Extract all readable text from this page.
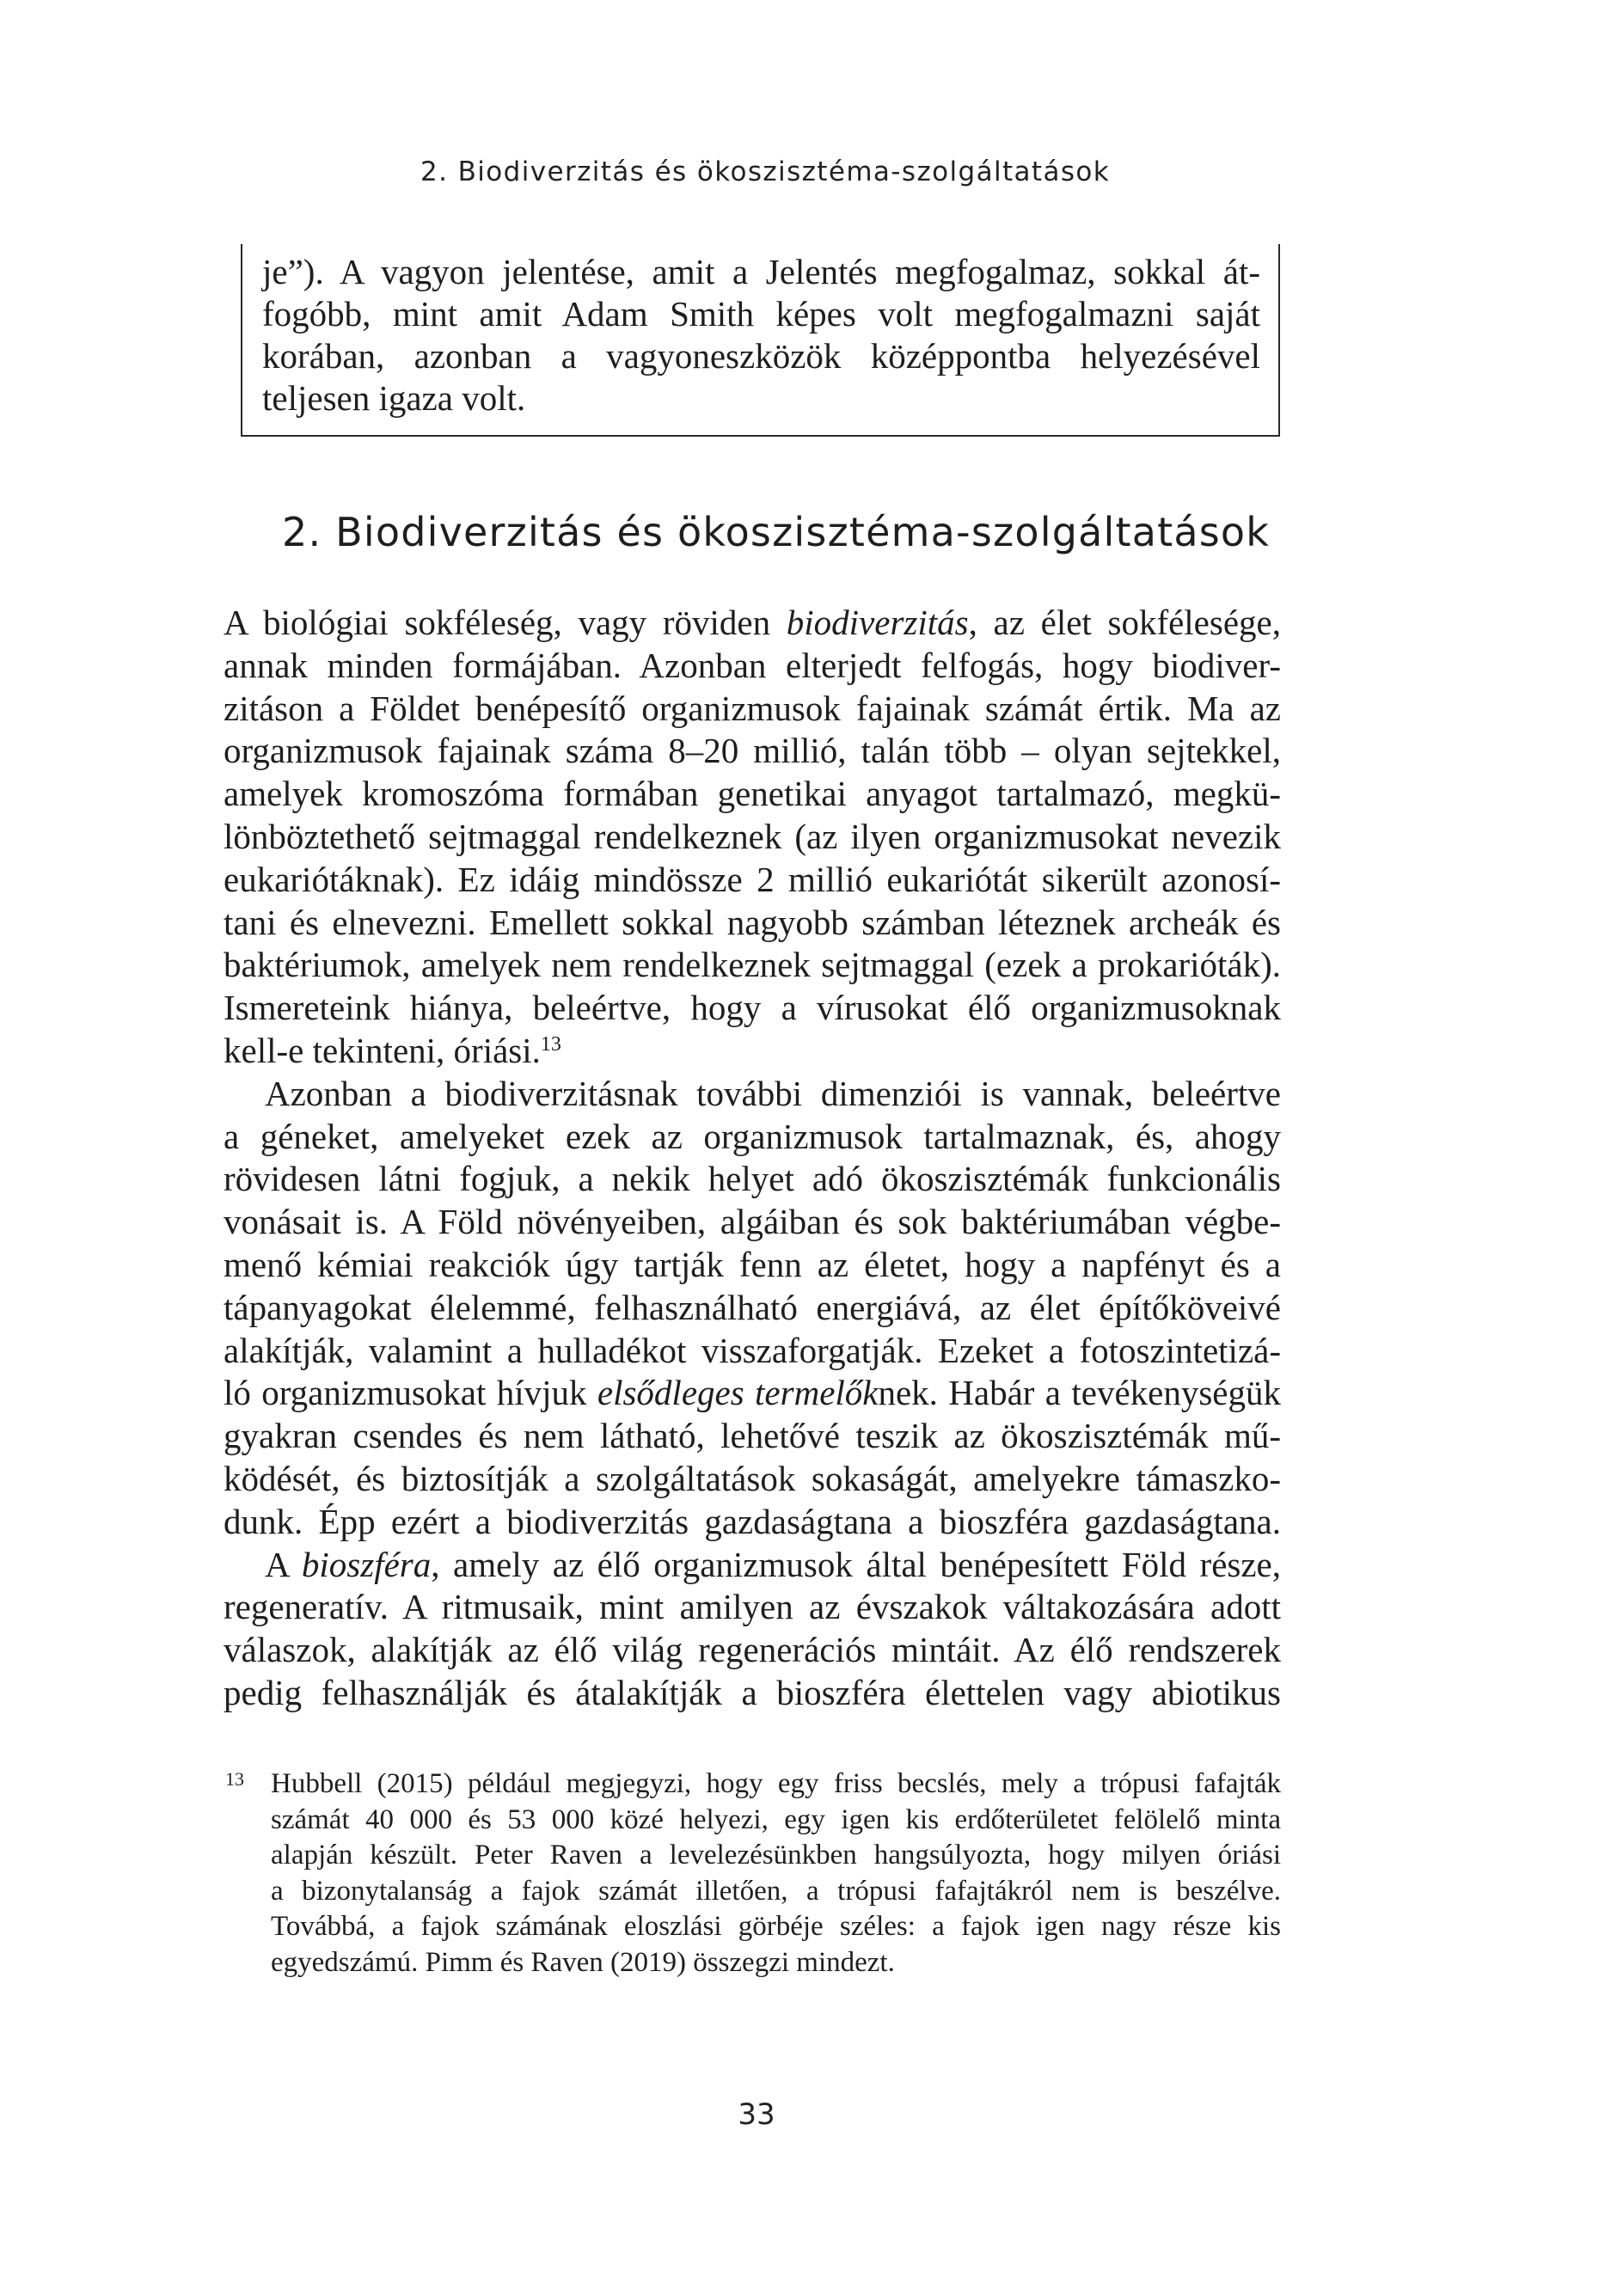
2. Biodiverzitás és ökoszisztéma-szolgáltatások
je”). A vagyon jelentése, amit a Jelentés megfogalmaz, sokkal át-
fogóbb, mint amit Adam Smith képes volt megfogalmazni saját
korában, azonban a vagyoneszközök középpontba helyezésével
teljesen igaza volt.
2. Biodiverzitás és ökoszisztéma-szolgáltatások
A biológiai sokféleség, vagy röviden biodiverzitás, az élet sokfélesége,
annak minden formájában. Azonban elterjedt felfogás, hogy biodiver-
zitáson a Földet benépesítő organizmusok fajainak számát értik. Ma az
organizmusok fajainak száma 8–20 millió, talán több – olyan sejtekkel,
amelyek kromoszóma formában genetikai anyagot tartalmazó, megkü-
lönböztethető sejtmaggal rendelkeznek (az ilyen organizmusokat nevezik
eukariótáknak). Ez idáig mindössze 2 millió eukariótát sikerült azonosí-
tani és elnevezni. Emellett sokkal nagyobb számban léteznek archeák és
baktériumok, amelyek nem rendelkeznek sejtmaggal (ezek a prokarióták).
Ismereteink hiánya, beleértve, hogy a vírusokat élő organizmusoknak
kell-e tekinteni, óriási.$^{13}$
Azonban a biodiverzitásnak további dimenziói is vannak, beleértve
a géneket, amelyeket ezek az organizmusok tartalmaznak, és, ahogy
rövidesen látni fogjuk, a nekik helyet adó ökoszisztémák funkcionális
vonásait is. A Föld növényeiben, algáiban és sok baktériumában végbe-
menő kémiai reakciók úgy tartják fenn az életet, hogy a napfényt és a
tápanyagokat élelemmé, felhasználható energiává, az élet építőköveivé
alakítják, valamint a hulladékot visszaforgatják. Ezeket a fotoszintetizá-
ló organizmusokat hívjuk elsődleges termelőknek. Habár a tevékenységük
gyakran csendes és nem látható, lehetővé teszik az ökoszisztémák mű-
ködését, és biztosítják a szolgáltatások sokaságát, amelyekre támaszko-
dunk. Épp ezért a biodiverzitás gazdaságtana a bioszféra gazdaságtana.
A bioszféra, amely az élő organizmusok által benépesített Föld része,
regeneratív. A ritmusaik, mint amilyen az évszakok váltakozására adott
válaszok, alakítják az élő világ regenerációs mintáit. Az élő rendszerek
pedig felhasználják és átalakítják a bioszféra élettelen vagy abiotikus
13 Hubbell (2015) például megjegyzi, hogy egy friss becslés, mely a trópusi fafajták
számát 40 000 és 53 000 közé helyezi, egy igen kis erdőterületet felölelő minta
alapján készült. Peter Raven a levelezésünkben hangsúlyozta, hogy milyen óriási
a bizonytalanság a fajok számát illetően, a trópusi fafajtákról nem is beszélve.
Továbbá, a fajok számának eloszlási görbéje széles: a fajok igen nagy része kis
egyedszámú. Pimm és Raven (2019) összegzi mindezt.
33
